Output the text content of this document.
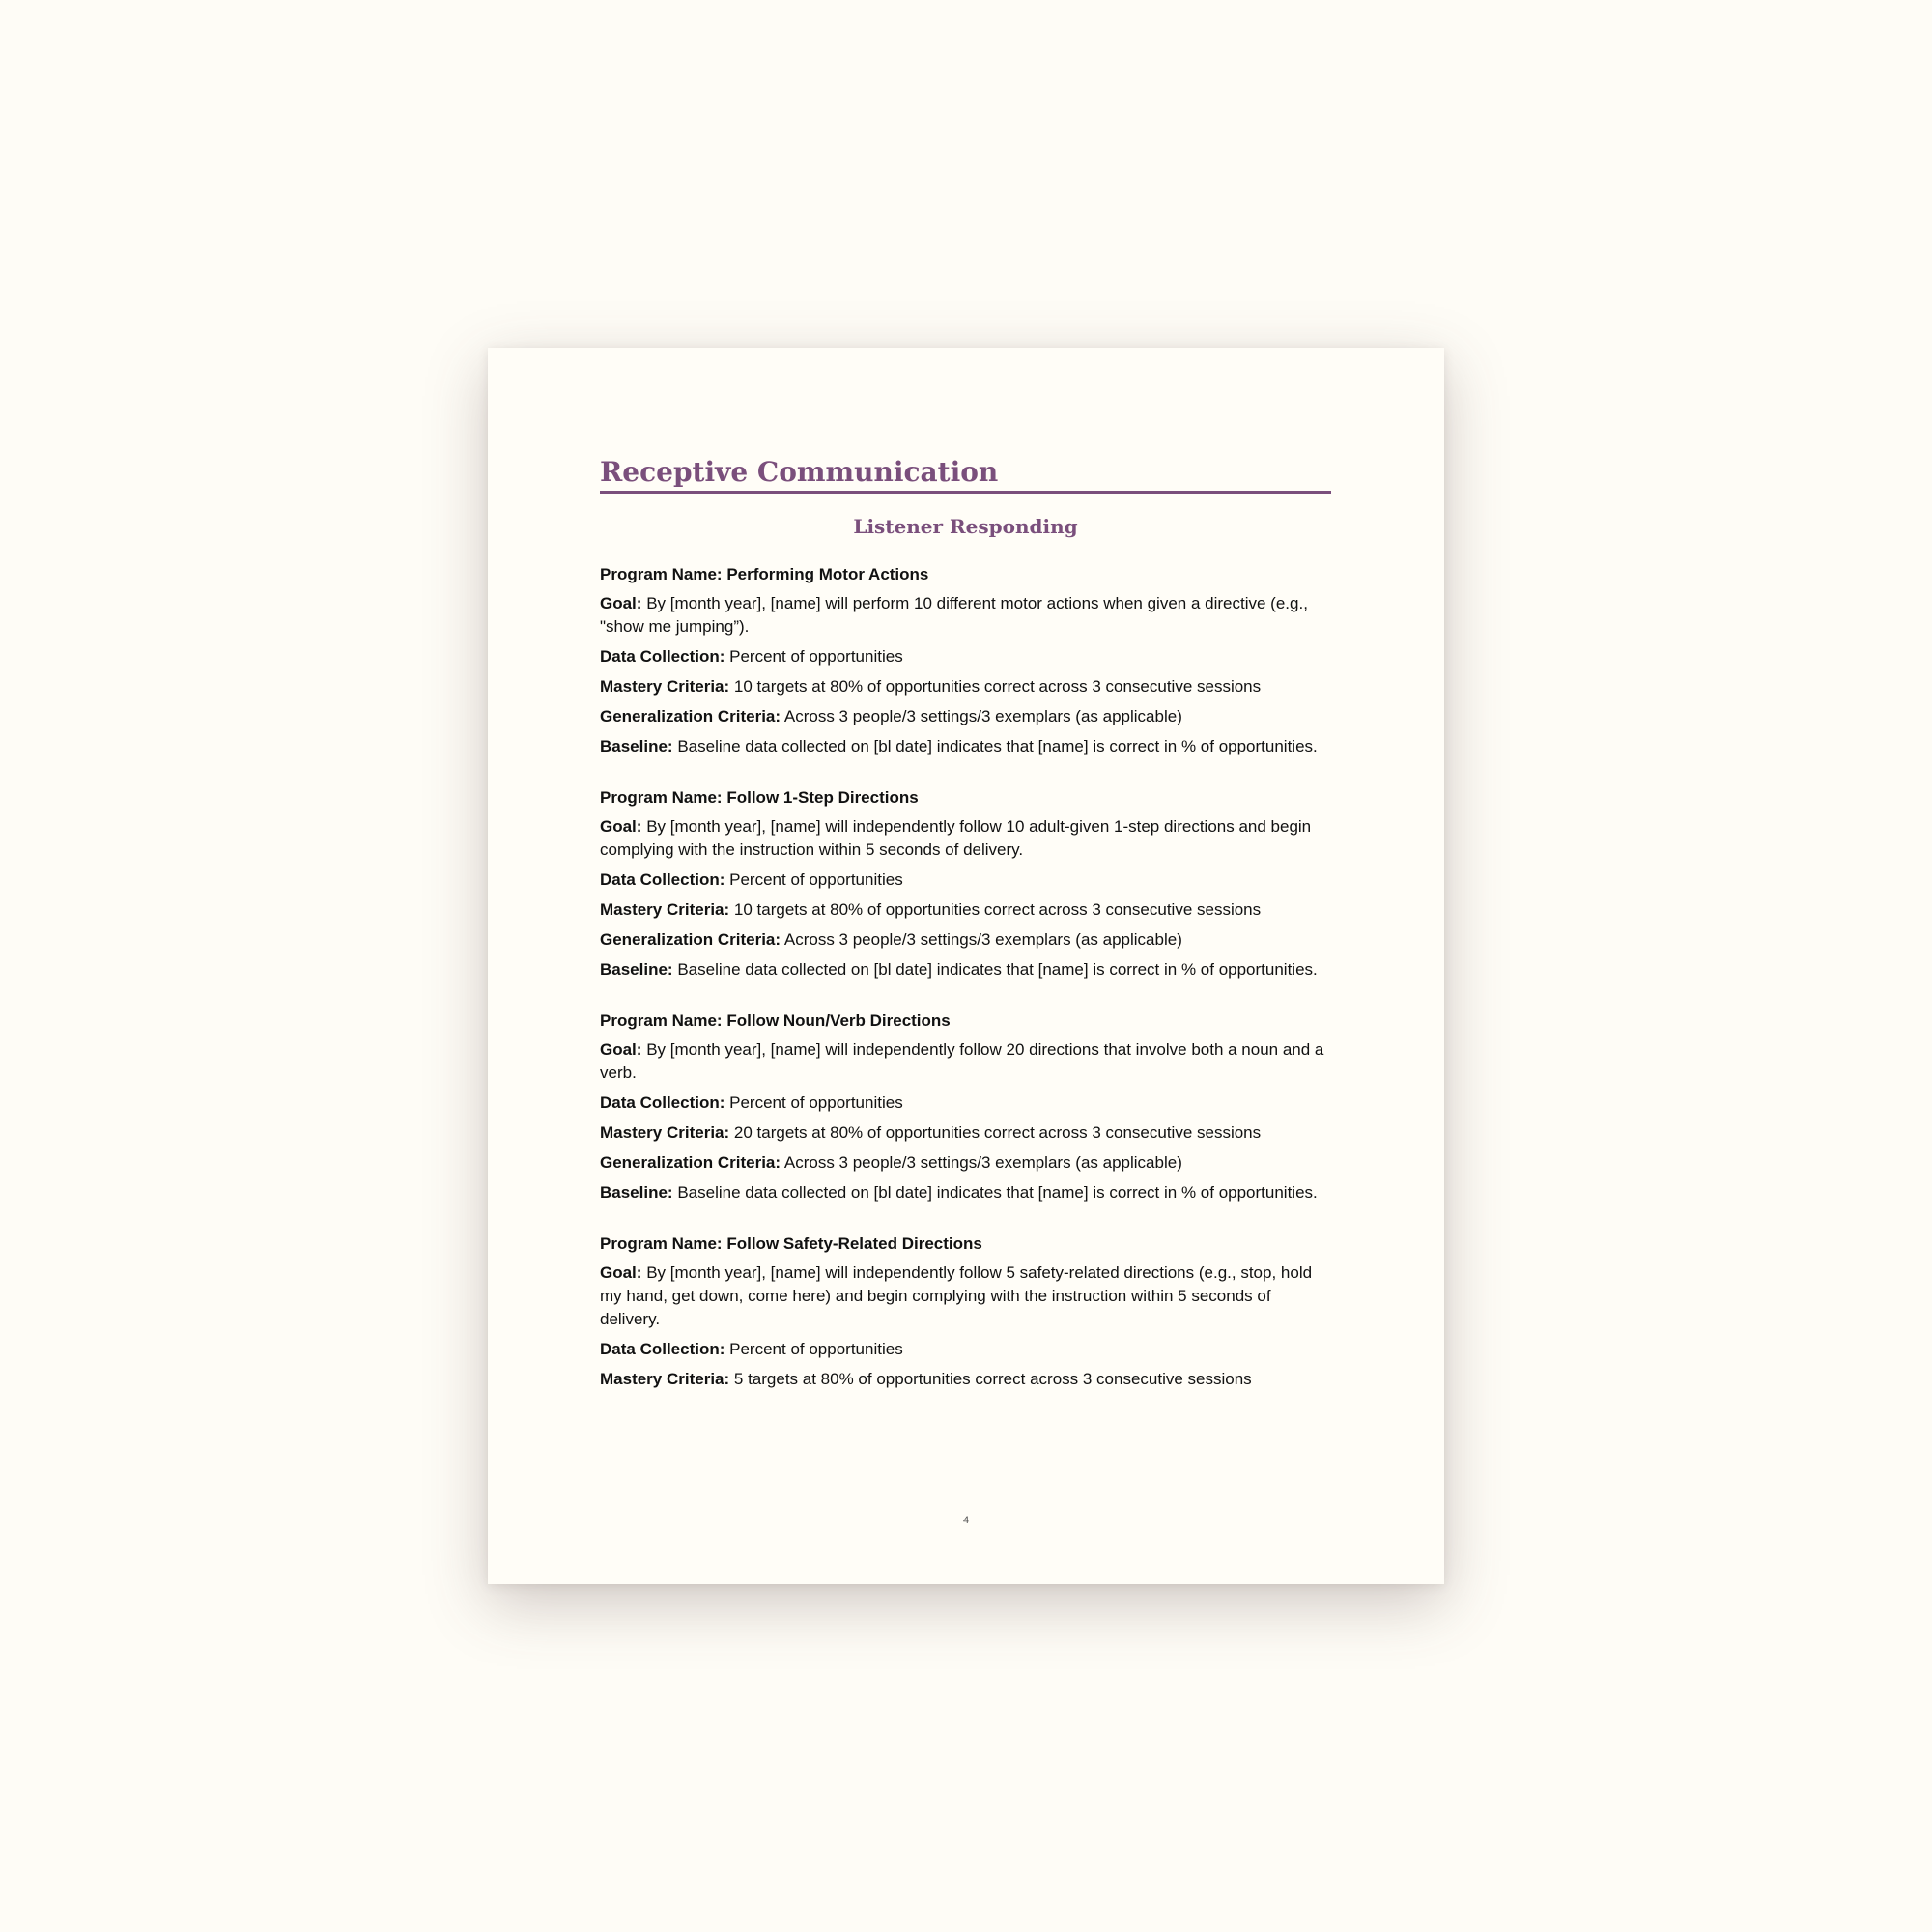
Receptive Communication
Listener Responding

Program Name: Performing Motor Actions

Goal: By [month year], [name] will perform 10 different motor actions when given a directive (e.g., "show me jumping”).

Data Collection: Percent of opportunities

Mastery Criteria: 10 targets at 80% of opportunities correct across 3 consecutive sessions

Generalization Criteria: Across 3 people/3 settings/3 exemplars (as applicable)

Baseline: Baseline data collected on [bl date] indicates that [name] is correct in % of opportunities.

Program Name: Follow 1-Step Directions

Goal: By [month year], [name] will independently follow 10 adult-given 1-step directions and begin complying with the instruction within 5 seconds of delivery.

Data Collection: Percent of opportunities

Mastery Criteria: 10 targets at 80% of opportunities correct across 3 consecutive sessions

Generalization Criteria: Across 3 people/3 settings/3 exemplars (as applicable)

Baseline: Baseline data collected on [bl date] indicates that [name] is correct in % of opportunities.

Program Name: Follow Noun/Verb Directions

Goal: By [month year], [name] will independently follow 20 directions that involve both a noun and a verb.

Data Collection: Percent of opportunities

Mastery Criteria: 20 targets at 80% of opportunities correct across 3 consecutive sessions

Generalization Criteria: Across 3 people/3 settings/3 exemplars (as applicable)

Baseline: Baseline data collected on [bl date] indicates that [name] is correct in % of opportunities.

Program Name: Follow Safety-Related Directions

Goal: By [month year], [name] will independently follow 5 safety-related directions (e.g., stop, hold my hand, get down, come here) and begin complying with the instruction within 5 seconds of delivery.

Data Collection: Percent of opportunities

Mastery Criteria: 5 targets at 80% of opportunities correct across 3 consecutive sessions

4
